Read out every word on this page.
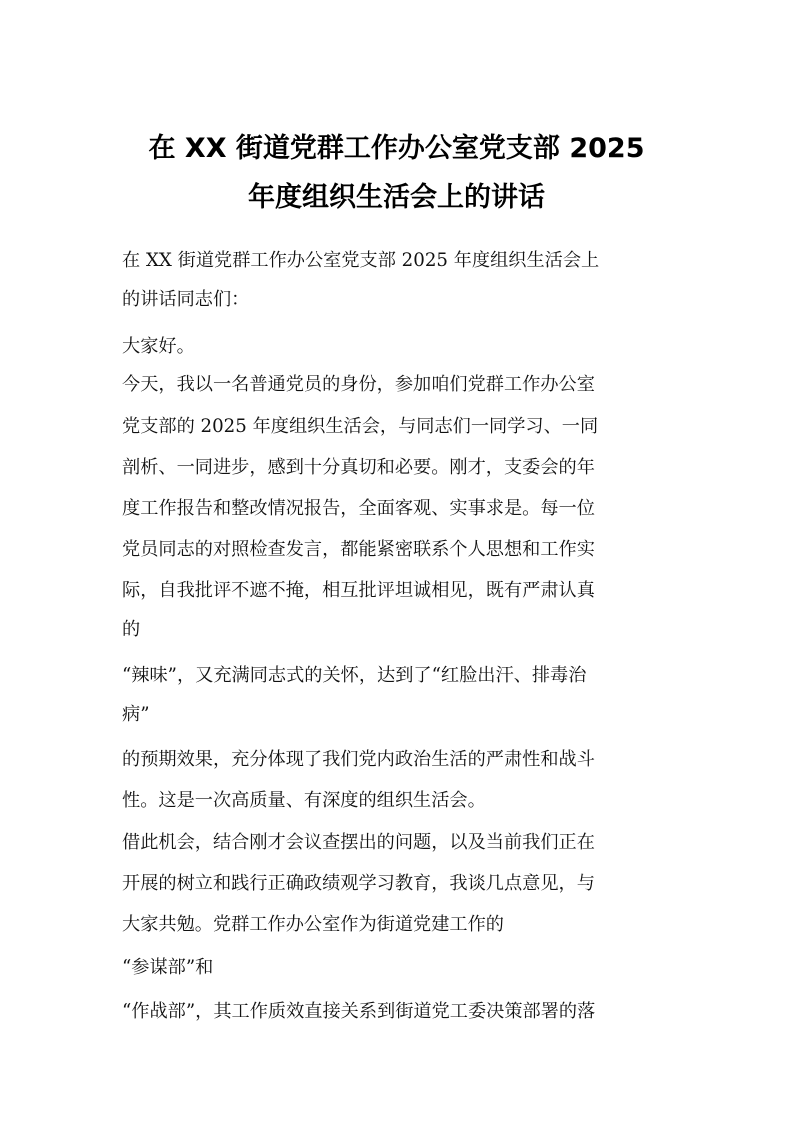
在 XX 街道党群工作办公室党支部 2025
年度组织生活会上的讲话
在 XX 街道党群工作办公室党支部 2025 年度组织生活会上
的讲话同志们：
大家好。
今天，我以一名普通党员的身份，参加咱们党群工作办公室
党支部的 2025 年度组织生活会，与同志们一同学习、一同
剖析、一同进步，感到十分真切和必要。刚才，支委会的年
度工作报告和整改情况报告，全面客观、实事求是。每一位
党员同志的对照检查发言，都能紧密联系个人思想和工作实
际，自我批评不遮不掩，相互批评坦诚相见，既有严肃认真
的
“辣味”，又充满同志式的关怀，达到了“红脸出汗、排毒治
病”
的预期效果，充分体现了我们党内政治生活的严肃性和战斗
性。这是一次高质量、有深度的组织生活会。
借此机会，结合刚才会议查摆出的问题，以及当前我们正在
开展的树立和践行正确政绩观学习教育，我谈几点意见，与
大家共勉。党群工作办公室作为街道党建工作的
“参谋部”和
“作战部”，其工作质效直接关系到街道党工委决策部署的落
